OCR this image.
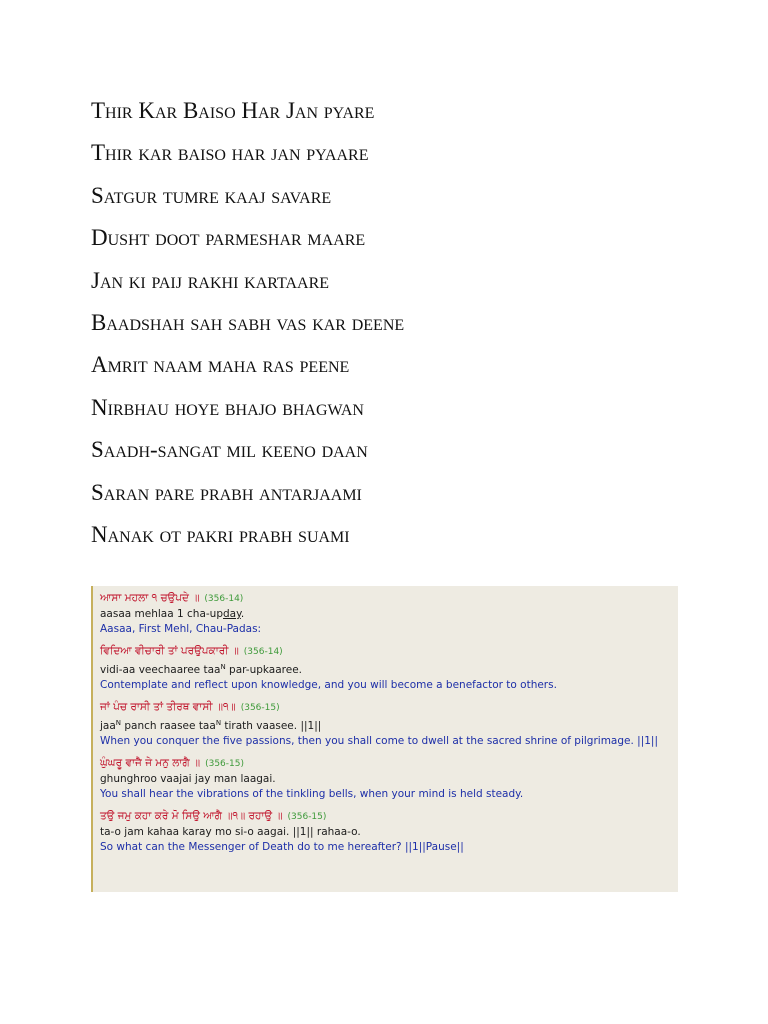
Thir Kar Baiso Har Jan pyare
Thir kar baiso har jan pyaare
Satgur tumre kaaj savare
Dusht doot parmeshar maare
Jan ki paij rakhi kartaare
Baadshah sah sabh vas kar deene
Amrit naam maha ras peene
Nirbhau hoye bhajo bhagwan
Saadh-sangat mil keeno daan
Saran pare prabh antarjaami
Nanak ot pakri prabh suami
ਆਸਾ ਮਹਲਾ ੧ ਚਉਪਦੇ ॥ (356-14)
aasaa mehlaa 1 cha-upday.
Aasaa, First Mehl, Chau-Padas:
ਵਿਦਿਆ ਵੀਚਾਰੀ ਤਾਂ ਪਰਉਪਕਾਰੀ ॥ (356-14)
vidi-aa veechaaree taa$^N$ par-upkaaree.
Contemplate and reflect upon knowledge, and you will become a benefactor to others.
ਜਾਂ ਪੰਚ ਰਾਸੀ ਤਾਂ ਤੀਰਥ ਵਾਸੀ ॥੧॥ (356-15)
jaa$^N$ panch raasee taa$^N$ tirath vaasee. ||1||
When you conquer the five passions, then you shall come to dwell at the sacred shrine of pilgrimage. ||1||
ਘੁੰਘਰੂ ਵਾਜੈ ਜੇ ਮਨੁ ਲਾਗੈ ॥ (356-15)
ghunghroo vaajai jay man laagai.
You shall hear the vibrations of the tinkling bells, when your mind is held steady.
ਤਉ ਜਮੁ ਕਹਾ ਕਰੇ ਮੋ ਸਿਉ ਆਗੈ ॥੧॥ ਰਹਾਉ ॥ (356-15)
ta-o jam kahaa karay mo si-o aagai. ||1|| rahaa-o.
So what can the Messenger of Death do to me hereafter? ||1||Pause||
